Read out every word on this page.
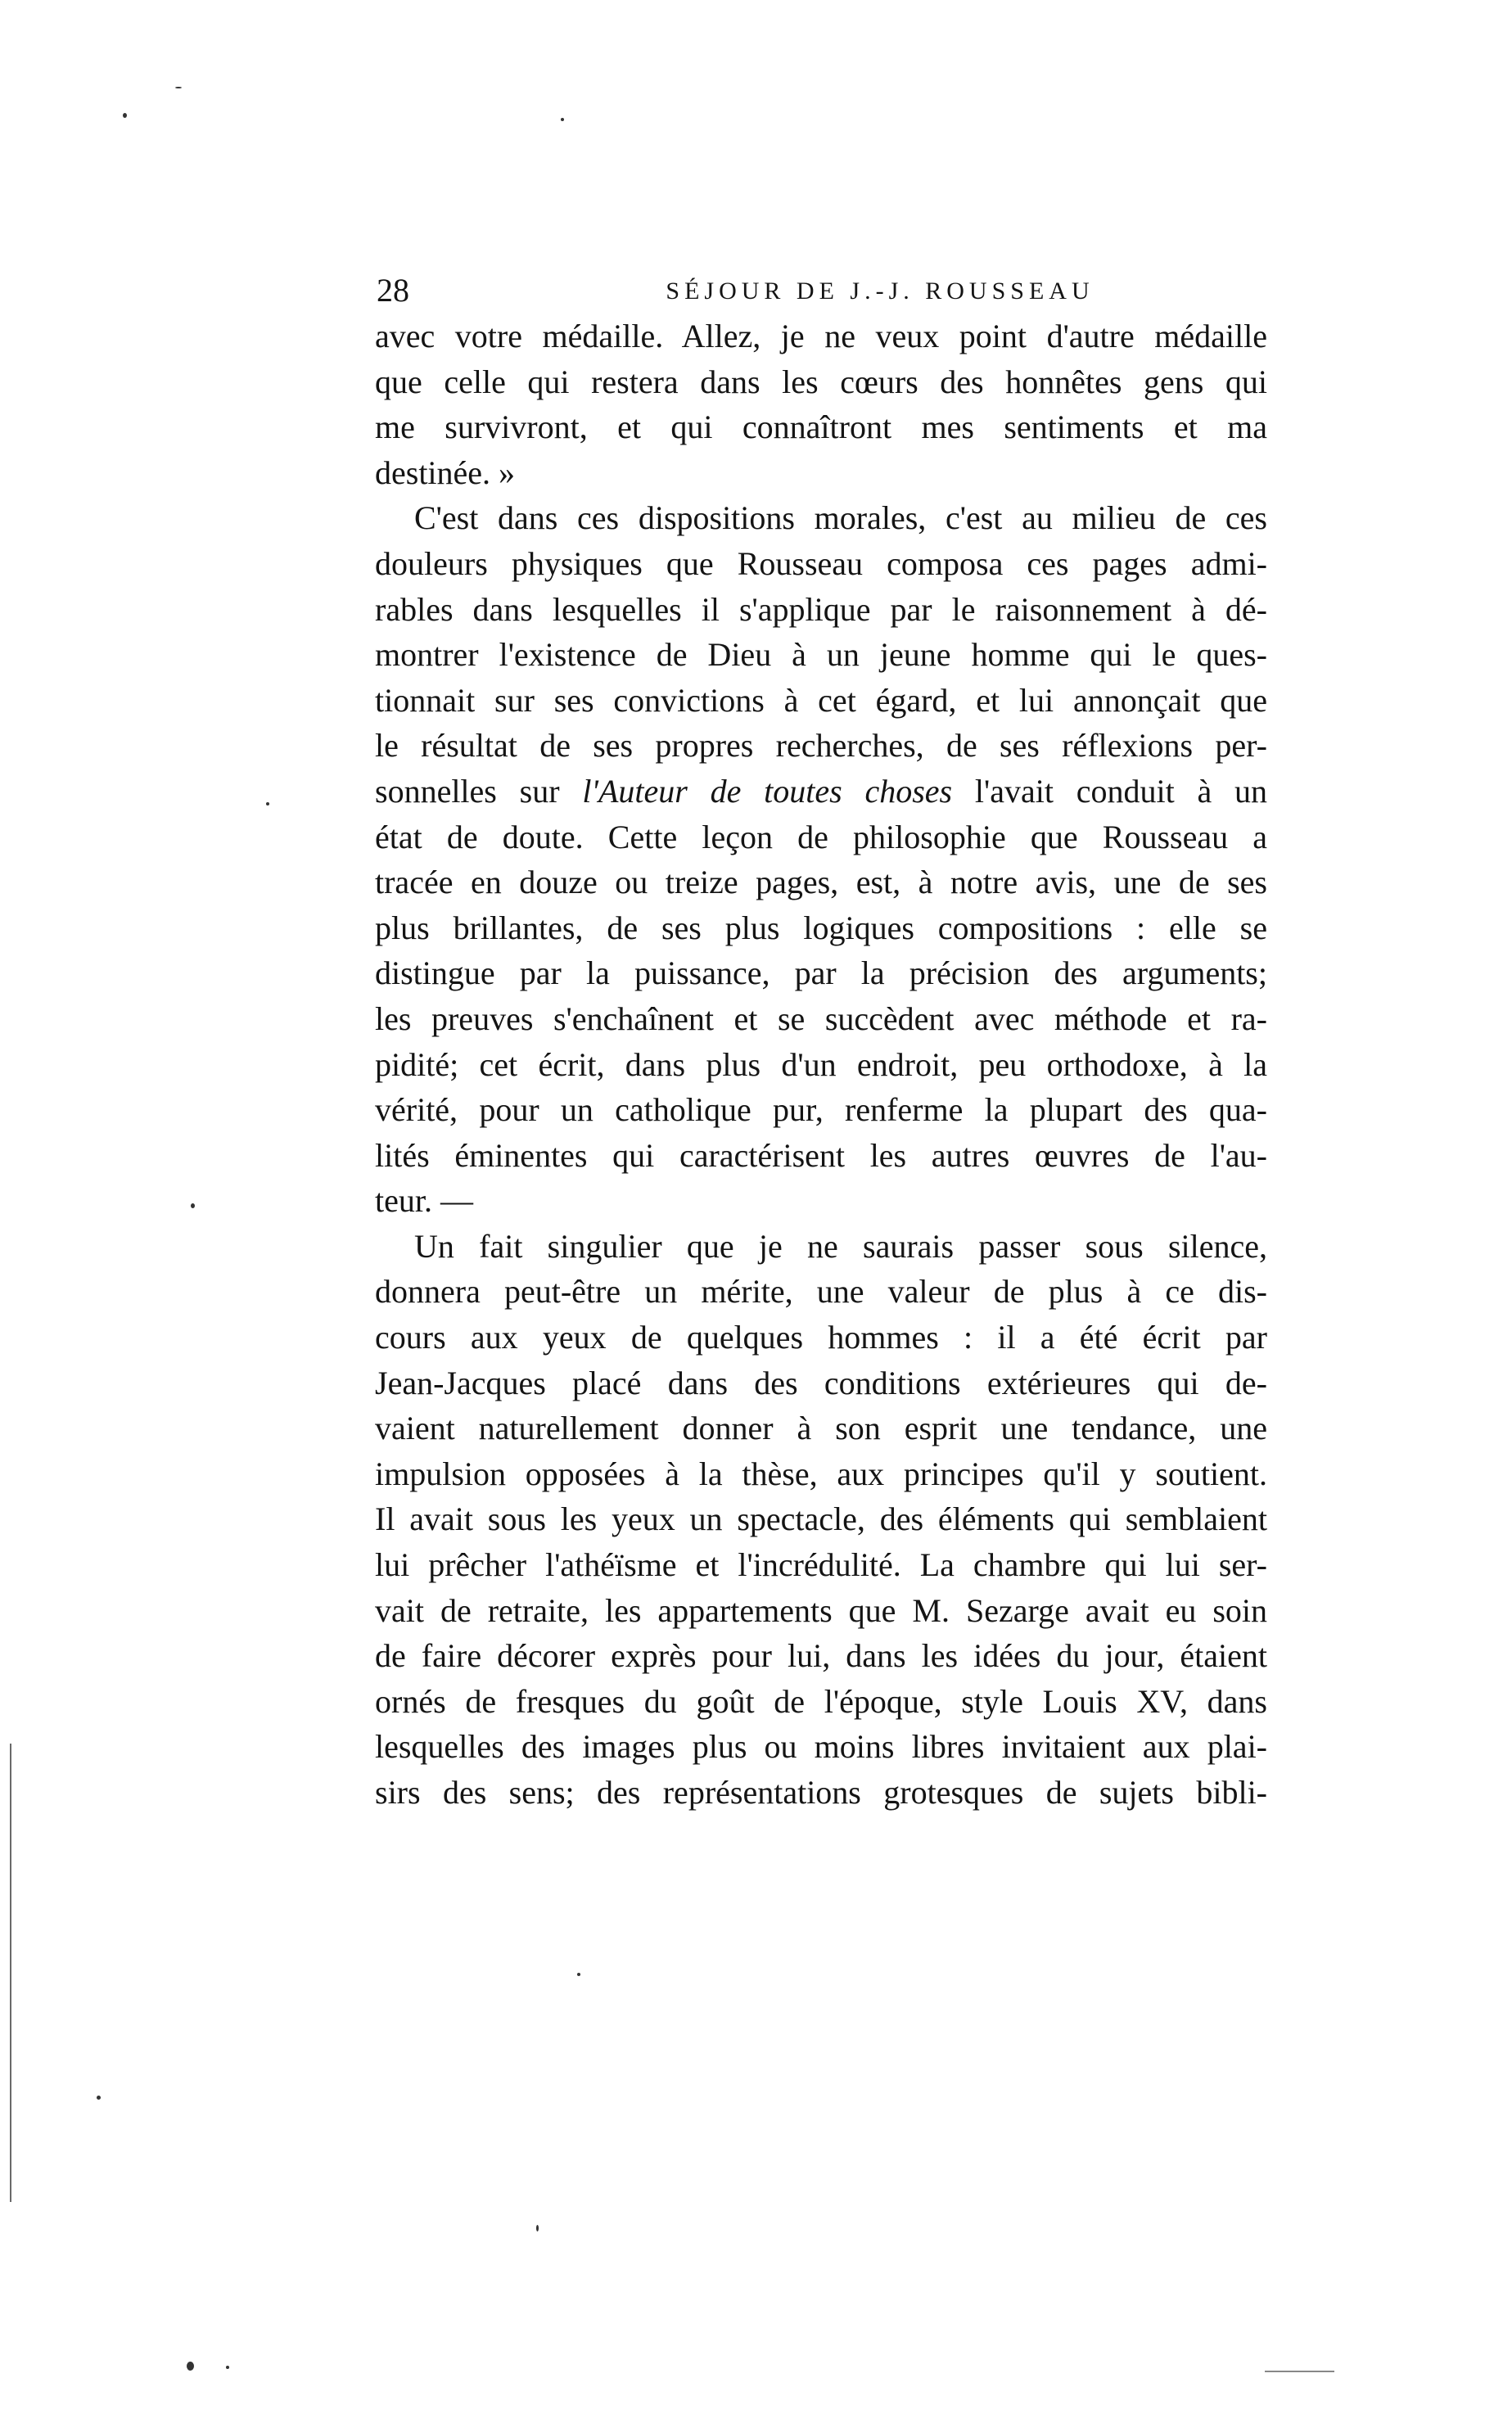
28	SÉJOUR DE J.-J. ROUSSEAU
avec votre médaille. Allez, je ne veux point d'autre médaille
que celle qui restera dans les cœurs des honnêtes gens qui
me survivront, et qui connaîtront mes sentiments et ma
destinée. »
C'est dans ces dispositions morales, c'est au milieu de ces
douleurs physiques que Rousseau composa ces pages admi-
rables dans lesquelles il s'applique par le raisonnement à dé-
montrer l'existence de Dieu à un jeune homme qui le ques-
tionnait sur ses convictions à cet égard, et lui annonçait que
le résultat de ses propres recherches, de ses réflexions per-
sonnelles sur l'Auteur de toutes choses l'avait conduit à un
état de doute. Cette leçon de philosophie que Rousseau a
tracée en douze ou treize pages, est, à notre avis, une de ses
plus brillantes, de ses plus logiques compositions : elle se
distingue par la puissance, par la précision des arguments;
les preuves s'enchaînent et se succèdent avec méthode et ra-
pidité; cet écrit, dans plus d'un endroit, peu orthodoxe, à la
vérité, pour un catholique pur, renferme la plupart des qua-
lités éminentes qui caractérisent les autres œuvres de l'au-
teur. —
Un fait singulier que je ne saurais passer sous silence,
donnera peut-être un mérite, une valeur de plus à ce dis-
cours aux yeux de quelques hommes : il a été écrit par
Jean-Jacques placé dans des conditions extérieures qui de-
vaient naturellement donner à son esprit une tendance, une
impulsion opposées à la thèse, aux principes qu'il y soutient.
Il avait sous les yeux un spectacle, des éléments qui semblaient
lui prêcher l'athéïsme et l'incrédulité. La chambre qui lui ser-
vait de retraite, les appartements que M. Sezarge avait eu soin
de faire décorer exprès pour lui, dans les idées du jour, étaient
ornés de fresques du goût de l'époque, style Louis XV, dans
lesquelles des images plus ou moins libres invitaient aux plai-
sirs des sens; des représentations grotesques de sujets bibli-
